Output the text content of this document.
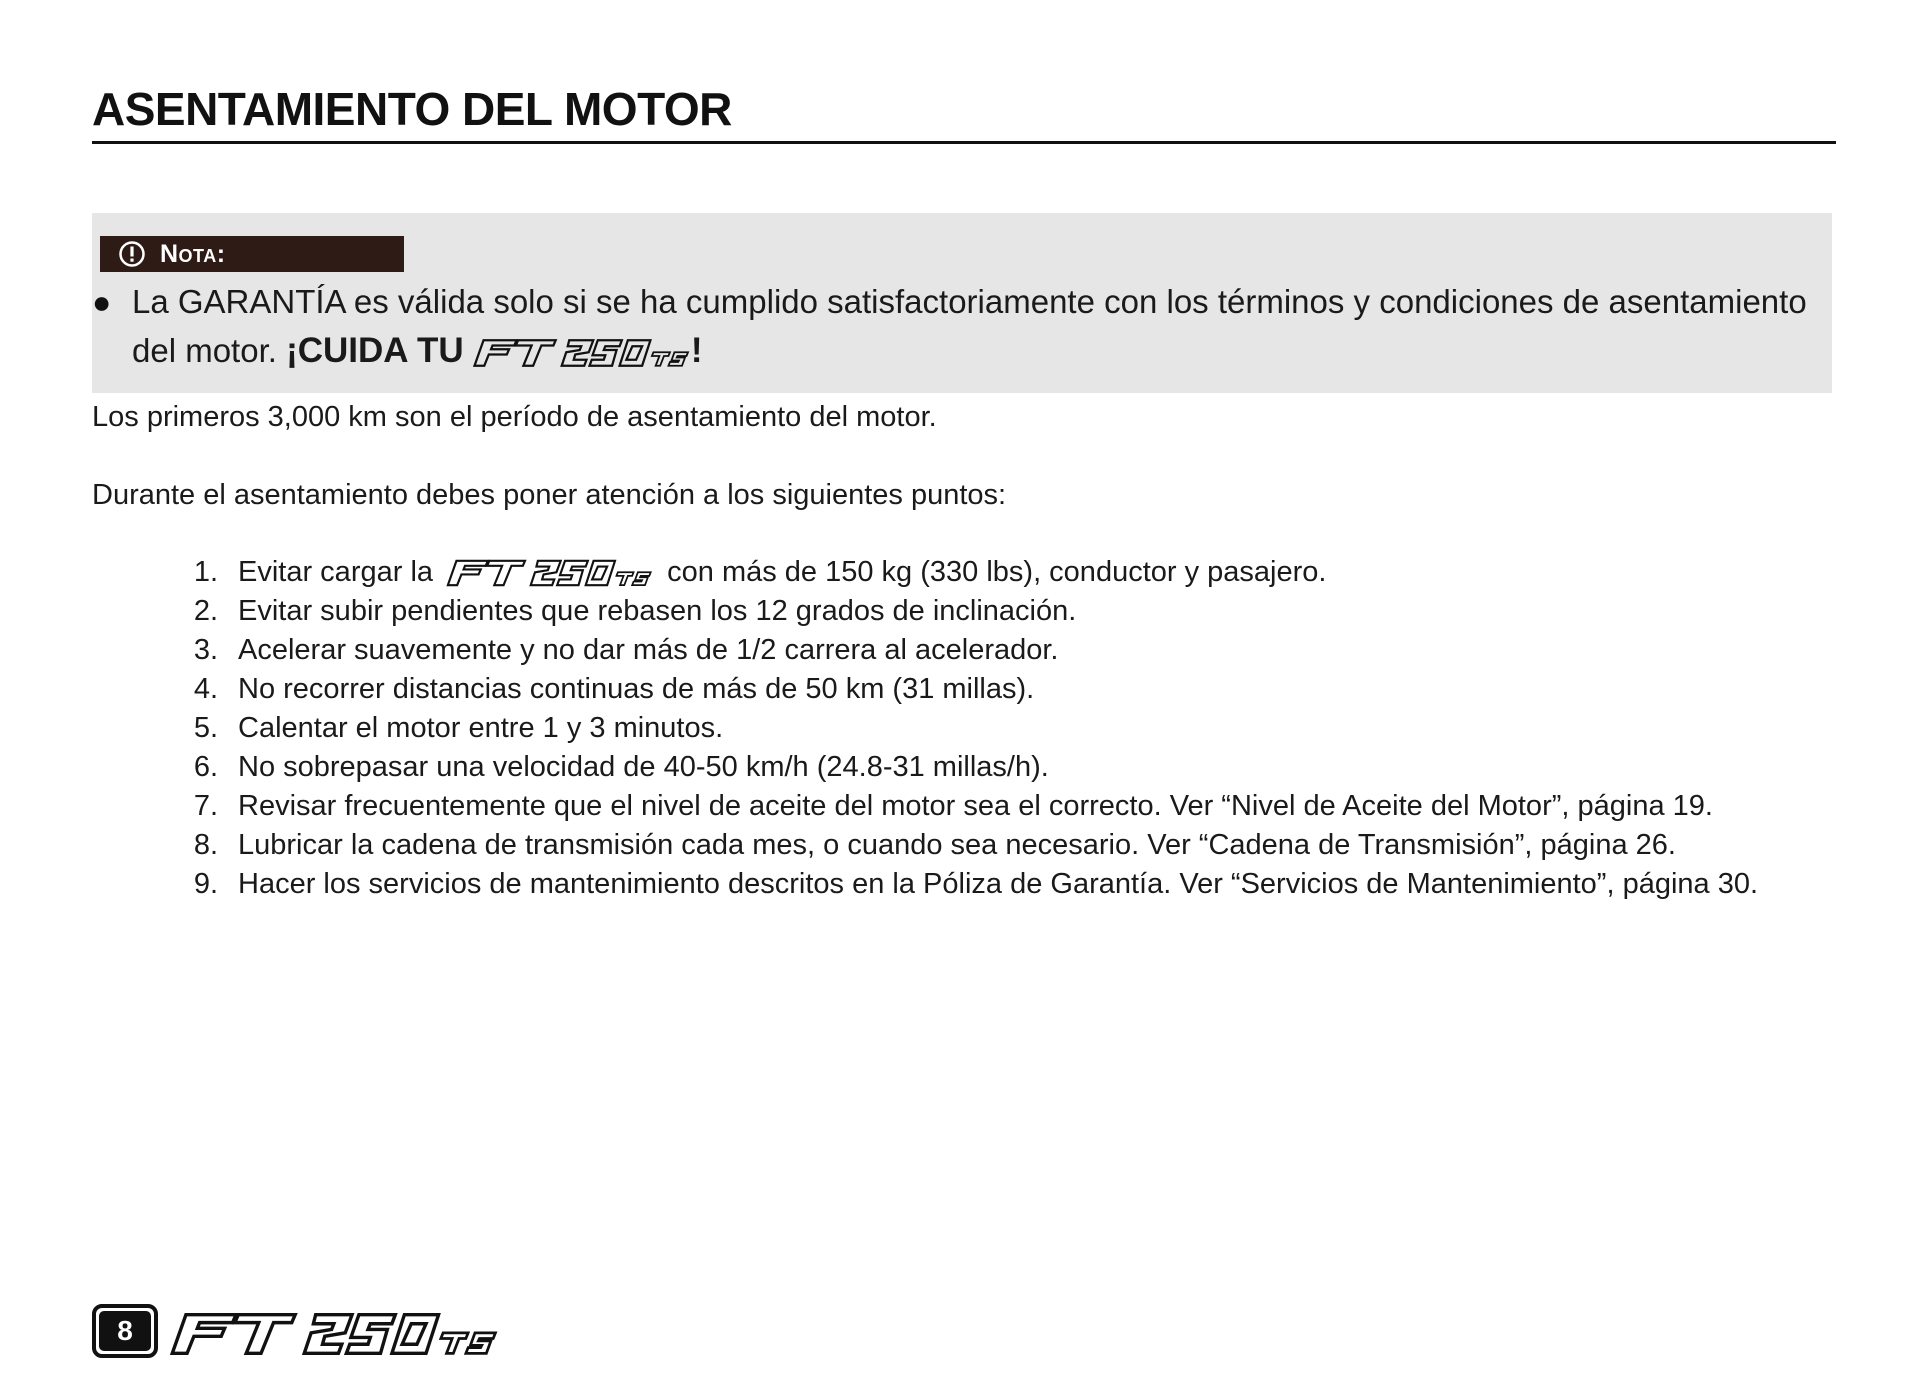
ASENTAMIENTO DEL MOTOR
Nota:
● La GARANTÍA es válida solo si se ha cumplido satisfactoriamente con los términos y condiciones de asentamiento
del motor. ¡CUIDA TU	!

Los primeros 3,000 km son el período de asentamiento del motor.

Durante el asentamiento debes poner atención a los siguientes puntos:

1. Evitar cargar la	con más de 150 kg (330 lbs), conductor y pasajero.
2. Evitar subir pendientes que rebasen los 12 grados de inclinación.
3. Acelerar suavemente y no dar más de 1/2 carrera al acelerador.
4. No recorrer distancias continuas de más de 50 km (31 millas).
5. Calentar el motor entre 1 y 3 minutos.
6. No sobrepasar una velocidad de 40-50 km/h (24.8-31 millas/h).
7. Revisar frecuentemente que el nivel de aceite del motor sea el correcto. Ver “Nivel de Aceite del Motor”, página 19.
8. Lubricar la cadena de transmisión cada mes, o cuando sea necesario. Ver “Cadena de Transmisión”, página 26.
9. Hacer los servicios de mantenimiento descritos en la Póliza de Garantía. Ver “Servicios de Mantenimiento”, página 30.
8
